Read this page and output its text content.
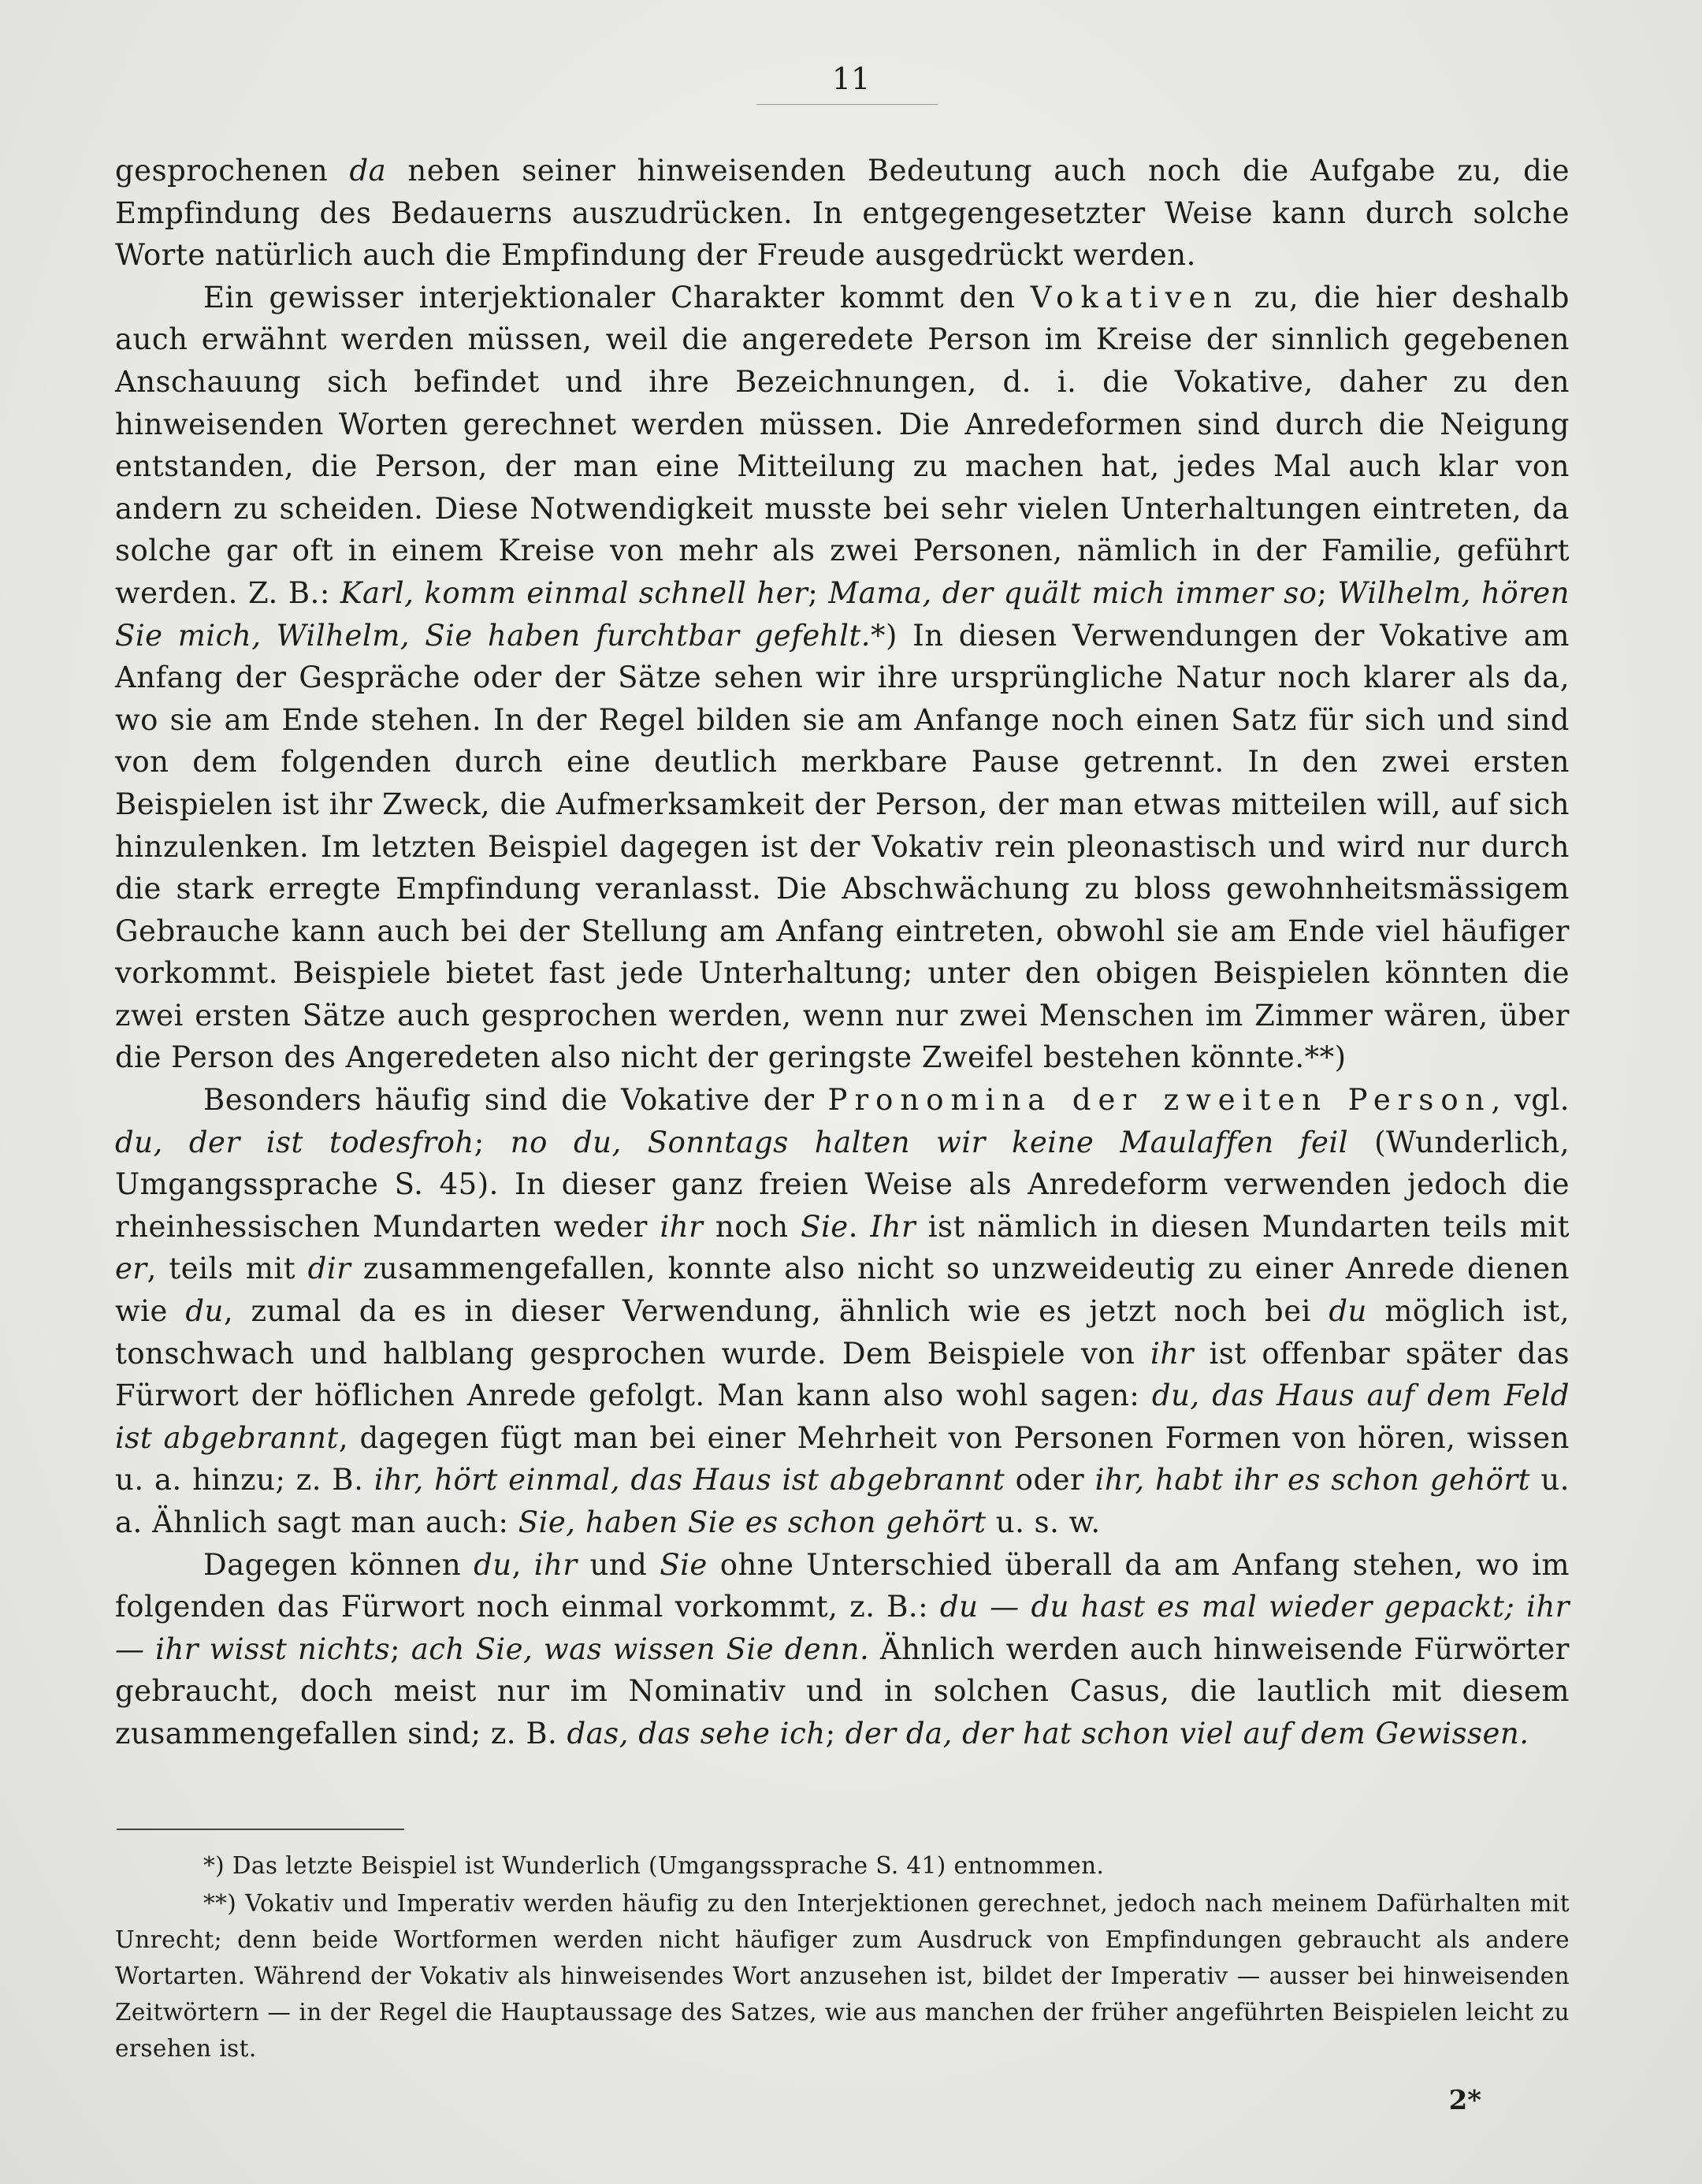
11

gesprochenen da neben seiner hinweisenden Bedeutung auch noch die Aufgabe zu, die Empfindung des Bedauerns auszudrücken. In entgegengesetzter Weise kann durch solche Worte natürlich auch die Empfindung der Freude ausgedrückt werden.

Ein gewisser interjektionaler Charakter kommt den Vokativen zu, die hier deshalb auch erwähnt werden müssen, weil die angeredete Person im Kreise der sinnlich gegebenen Anschauung sich befindet und ihre Bezeichnungen, d. i. die Vokative, daher zu den hinweisenden Worten gerechnet werden müssen. Die Anredeformen sind durch die Neigung entstanden, die Person, der man eine Mitteilung zu machen hat, jedes Mal auch klar von andern zu scheiden. Diese Notwendigkeit musste bei sehr vielen Unterhaltungen eintreten, da solche gar oft in einem Kreise von mehr als zwei Personen, nämlich in der Familie, geführt werden. Z. B.: Karl, komm einmal schnell her; Mama, der quält mich immer so; Wilhelm, hören Sie mich, Wilhelm, Sie haben furchtbar gefehlt.*) In diesen Verwendungen der Vokative am Anfang der Gespräche oder der Sätze sehen wir ihre ursprüngliche Natur noch klarer als da, wo sie am Ende stehen. In der Regel bilden sie am Anfange noch einen Satz für sich und sind von dem folgenden durch eine deutlich merkbare Pause getrennt. In den zwei ersten Beispielen ist ihr Zweck, die Aufmerksamkeit der Person, der man etwas mitteilen will, auf sich hinzulenken. Im letzten Beispiel dagegen ist der Vokativ rein pleonastisch und wird nur durch die stark erregte Empfindung veranlasst. Die Abschwächung zu bloss gewohnheitsmässigem Gebrauche kann auch bei der Stellung am Anfang eintreten, obwohl sie am Ende viel häufiger vorkommt. Beispiele bietet fast jede Unterhaltung; unter den obigen Beispielen könnten die zwei ersten Sätze auch gesprochen werden, wenn nur zwei Menschen im Zimmer wären, über die Person des Angeredeten also nicht der geringste Zweifel bestehen könnte.**)

Besonders häufig sind die Vokative der Pronomina der zweiten Person, vgl. du, der ist todesfroh; no du, Sonntags halten wir keine Maulaffen feil (Wunderlich, Umgangssprache S. 45). In dieser ganz freien Weise als Anredeform verwenden jedoch die rheinhessischen Mundarten weder ihr noch Sie. Ihr ist nämlich in diesen Mundarten teils mit er, teils mit dir zusammengefallen, konnte also nicht so unzweideutig zu einer Anrede dienen wie du, zumal da es in dieser Verwendung, ähnlich wie es jetzt noch bei du möglich ist, tonschwach und halblang gesprochen wurde. Dem Beispiele von ihr ist offenbar später das Fürwort der höflichen Anrede gefolgt. Man kann also wohl sagen: du, das Haus auf dem Feld ist abgebrannt, dagegen fügt man bei einer Mehrheit von Personen Formen von hören, wissen u. a. hinzu; z. B. ihr, hört einmal, das Haus ist abgebrannt oder ihr, habt ihr es schon gehört u. a. Ähnlich sagt man auch: Sie, haben Sie es schon gehört u. s. w.

Dagegen können du, ihr und Sie ohne Unterschied überall da am Anfang stehen, wo im folgenden das Fürwort noch einmal vorkommt, z. B.: du — du hast es mal wieder gepackt; ihr — ihr wisst nichts; ach Sie, was wissen Sie denn. Ähnlich werden auch hinweisende Fürwörter gebraucht, doch meist nur im Nominativ und in solchen Casus, die lautlich mit diesem zusammengefallen sind; z. B. das, das sehe ich; der da, der hat schon viel auf dem Gewissen.

*) Das letzte Beispiel ist Wunderlich (Umgangssprache S. 41) entnommen.

**) Vokativ und Imperativ werden häufig zu den Interjektionen gerechnet, jedoch nach meinem Dafürhalten mit Unrecht; denn beide Wortformen werden nicht häufiger zum Ausdruck von Empfindungen gebraucht als andere Wortarten. Während der Vokativ als hinweisendes Wort anzusehen ist, bildet der Imperativ — ausser bei hinweisenden Zeitwörtern — in der Regel die Hauptaussage des Satzes, wie aus manchen der früher angeführten Beispielen leicht zu ersehen ist.

2*
